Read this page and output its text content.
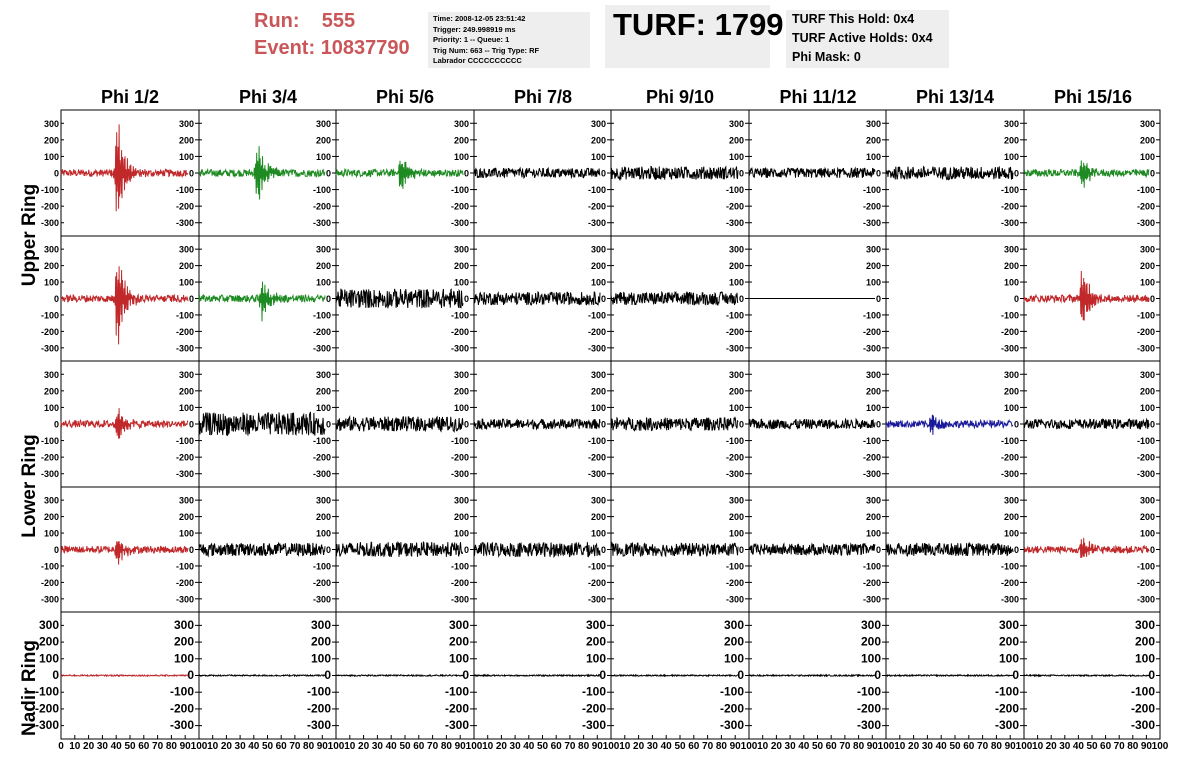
Run: 555
Event: 10837790
Time: 2008-12-05 23:51:42
Trigger: 249.998919 ms
Priority: 1 -- Queue: 1
Trig Num: 663 -- Trig Type: RF
Labrador CCCCCCCCCC
TURF: 1799 TURF This Hold: 0x4
TURF Active Holds: 0x4
Phi Mask: 0
Phi 1/2	Phi 3/4	Phi 5/6	Phi 7/8	Phi 9/10	Phi 11/12	Phi 13/14	Phi 15/16
Upper Ring
Lower Ring
Nadir Ring
300
200
100
0
-100
-200
-300
300
200
100
0
-100
-200
-300
300
200
100
0
-100
-200
-300
300
200
100
0
-100
-200
-300
300
200
100
0
-100
-200
-300
300
200
100
0
-100
-200
-300
300
200
100
0
-100
-200
-300
300
200
100
0
-100
-200
-300
300
200
100
0
-100
-200
-300
300
200
100
0
-100
-200
-300
300
200
100
0
-100
-200
-300
300
200
100
0
-100
-200
-300
300
200
100
0
-100
-200
-300
300
200
100
0
-100
-200
-300
300
200
100
0
-100
-200
-300
300
200
100
0
-100
-200
-300
300
200
100
0
-100
-200
-300
300
200
100
0
-100
-200
-300
300
200
100
0
-100
-200
-300
300
200
100
0
-100
-200
-300
300
200
100
0
-100
-200
-300
300
200
100
0
-100
-200
-300
300
200
100
0
-100
-200
-300
300
200
100
0
-100
-200
-300
300
200
100
0
-100
-200
-300
300
200
100
0
-100
-200
-300
300
200
100
0
-100
-200
-300
300
200
100
0
-100
-200
-300
300
200
100
0
-100
-200
-300
300
200
100
0
-100
-200
-300
300
200
100
0
-100
-200
-300
300
200
100
0
-100
-200
-300
300
200
100
0
-100
-200
-300
300
200
100
0
-100
-200
-300
300
200
100
0
-100
-200
-300
300
200
100
0
-100
-200
-300
300
200
100
0
-100
-200
-300
300
200
100
0
-100
-200
-300
0 10 20 30 40 50 60 70 80 90 100
300
200
100
0
-100
-200
-300
10 20 30 40 50 60 70 80 90 100
300
200
100
0
-100
-200
-300
10 20 30 40 50 60 70 80 90 100
300
200
100
0
-100
-200
-300
10 20 30 40 50 60 70 80 90 100
300
200
100
0
-100
-200
-300
10 20 30 40 50 60 70 80 90 100
300
200
100
0
-100
-200
-300
10 20 30 40 50 60 70 80 90 100
300
200
100
0
-100
-200
-300
10 20 30 40 50 60 70 80 90 100
300
200
100
0
-100
-200
-300
10 20 30 40 50 60 70 80 90 100
